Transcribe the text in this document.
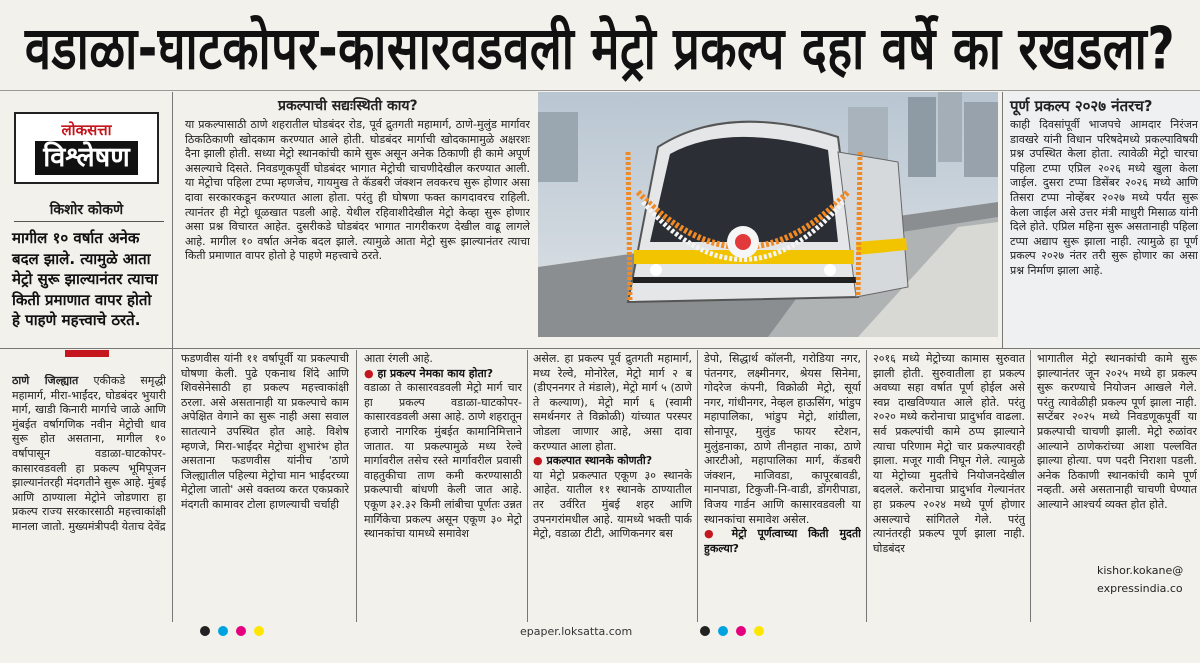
वडाळा-घाटकोपर-कासारवडवली मेट्रो प्रकल्प दहा वर्षे का रखडला?
लोकसत्ता
विश्लेषण
किशोर कोकणे
मागील १० वर्षात अनेक बदल झाले. त्यामुळे आता मेट्रो सुरू झाल्यानंतर त्याचा किती प्रमाणात वापर होतो हे पाहणे महत्त्वाचे ठरते.
प्रकल्पाची सद्यःस्थिती काय?
या प्रकल्पासाठी ठाणे शहरातील घोडबंदर रोड, पूर्व द्रुतगती महामार्ग, ठाणे-मुलुंड मार्गावर ठिकठिकाणी खोदकाम करण्यात आले होती. घोडबंदर मार्गाची खोदकामामुळे अक्षरशः दैना झाली होती. सध्या मेट्रो स्थानकांची कामे सुरू असून अनेक ठिकाणी ही कामे अपूर्ण असल्याचे दिसते. निवडणूकपूर्वी घोडबंदर भागात मेट्रोची चाचणीदेखील करण्यात आली. या मेट्रोचा पहिला टप्पा म्हणजेच, गायमुख ते कॅडबरी जंक्शन लवकरच सुरू होणार असा दावा सरकारकडून करण्यात आला होता. परंतु ही घोषणा फक्त कागदावरच राहिली. त्यानंतर ही मेट्रो धूळखात पडली आहे. येथील रहिवाशीदेखील मेट्रो केव्हा सुरू होणार असा प्रश्न विचारत आहेत. दुसरीकडे घोडबंदर भागात नागरीकरण देखील वाढू लागले आहे. मागील १० वर्षात अनेक बदल झाले. त्यामुळे आता मेट्रो सुरू झाल्यानंतर त्याचा किती प्रमाणात वापर होतो हे पाहणे महत्त्वाचे ठरते.
पूर्ण प्रकल्प २०२७ नंतरच?
काही दिवसांपूर्वी भाजपचे आमदार निरंजन डावखरे यांनी विधान परिषदेमध्ये प्रकल्पाविषयी प्रश्न उपस्थित केला होता. त्यावेळी मेट्रो चारचा पहिला टप्पा एप्रिल २०२६ मध्ये खुला केला जाईल. दुसरा टप्पा डिसेंबर २०२६ मध्ये आणि तिसरा टप्पा नोव्हेंबर २०२७ मध्ये पर्यंत सुरू केला जाईल असे उत्तर मंत्री माधुरी मिसाळ यांनी दिले होते. एप्रिल महिना सुरू असतानाही पहिला टप्पा अद्याप सुरू झाला नाही. त्यामुळे हा पूर्ण प्रकल्प २०२७ नंतर तरी सुरू होणार का असा प्रश्न निर्माण झाला आहे.
ठाणे जिल्ह्यात एकीकडे समृद्धी महामार्ग, मीरा-भाईंदर, घोडबंदर भुयारी मार्ग, खाडी किनारी मार्गाचे जाळे आणि मुंबईत वर्षागणिक नवीन मेट्रोची धाव सुरू होत असताना, मागील १० वर्षापासून वडाळा-घाटकोपर-कासारवडवली हा प्रकल्प भूमिपूजन झाल्यानंतरही मंदगतीने सुरू आहे. मुंबई आणि ठाण्याला मेट्रोने जोडणारा हा प्रकल्प राज्य सरकारसाठी महत्त्वाकांक्षी मानला जातो. मुख्यमंत्रीपदी येताच देवेंद्र
फडणवीस यांनी ११ वर्षापूर्वी या प्रकल्पाची घोषणा केली. पुढे एकनाथ शिंदे आणि शिवसेनेसाठी हा प्रकल्प महत्त्वाकांक्षी ठरला. असे असतानाही या प्रकल्पाचे काम अपेक्षित वेगाने का सुरू नाही असा सवाल सातत्याने उपस्थित होत आहे. विशेष म्हणजे, मिरा-भाईंदर मेट्रोचा शुभारंभ होत असताना फडणवीस यांनीच 'ठाणे जिल्ह्यातील पहिल्या मेट्रोचा मान भाईंदरच्या मेट्रोला जातो' असे वक्तव्य करत एकप्रकारे मंदगती कामावर टोला हाणल्याची चर्चाही
आता रंगली आहे.
● हा प्रकल्प नेमका काय होता?
वडाळा ते कासारवडवली मेट्रो मार्ग चार हा प्रकल्प वडाळा-घाटकोपर-कासारवडवली असा आहे. ठाणे शहरातून हजारो नागरिक मुंबईत कामानिमित्ताने जातात. या प्रकल्पामुळे मध्य रेल्वे मार्गावरील तसेच रस्ते मार्गावरील प्रवासी वाहतुकीचा ताण कमी करण्यासाठी प्रकल्पाची बांधणी केली जात आहे. एकूण ३२.३२ किमी लांबीचा पूर्णतः उन्नत मार्गिकेचा प्रकल्प असून एकूण ३० मेट्रो स्थानकांचा यामध्ये समावेश
असेल. हा प्रकल्प पूर्व द्रुतगती महामार्ग, मध्य रेल्वे, मोनोरेल, मेट्रो मार्ग २ ब (डीएननगर ते मंडाले), मेट्रो मार्ग ५ (ठाणे ते कल्याण), मेट्रो मार्ग ६ (स्वामी समर्थनगर ते विक्रोळी) यांच्यात परस्पर जोडला जाणार आहे, असा दावा करण्यात आला होता.
● प्रकल्पात स्थानके कोणती?
या मेट्रो प्रकल्पात एकूण ३० स्थानके आहेत. यातील ११ स्थानके ठाण्यातील तर उर्वरित मुंबई शहर आणि उपनगरांमधील आहे. यामध्ये भक्ती पार्क मेट्रो, वडाळा टीटी, आणिकनगर बस
डेपो, सिद्धार्थ कॉलनी, गरोडिया नगर, पंतनगर, लक्ष्मीनगर, श्रेयस सिनेमा, गोदरेज कंपनी, विक्रोळी मेट्रो, सूर्या नगर, गांधीनगर, नेव्हल हाऊसिंग, भांडुप महापालिका, भांडुप मेट्रो, शांग्रीला, सोनापूर, मुलुंड फायर स्टेशन, मुलुंडनाका, ठाणे तीनहात नाका, ठाणे आरटीओ, महापालिका मार्ग, कॅडबरी जंक्शन, माजिवडा, कापूरबावडी, मानपाडा, टिकुजी-नि-वाडी, डोंगरीपाडा, विजय गार्डन आणि कासारवडवली या स्थानकांचा समावेश असेल.
● मेट्रो पूर्णत्वाच्या किती मुदती हुकल्या?
२०१६ मध्ये मेट्रोच्या कामास सुरुवात झाली होती. सुरुवातीला हा प्रकल्प अवघ्या सहा वर्षात पूर्ण होईल असे स्वप्न दाखविण्यात आले होते. परंतु २०२० मध्ये करोनाचा प्रादुर्भाव वाढला. सर्व प्रकल्पांची कामे ठप्प झाल्याने त्याचा परिणाम मेट्रो चार प्रकल्पावरही झाला. मजूर गावी निघून गेले. त्यामुळे या मेट्रोच्या मुदतीचे नियोजनदेखील बदलले. करोनाचा प्रादुर्भाव गेल्यानंतर हा प्रकल्प २०२४ मध्ये पूर्ण होणार असल्याचे सांगितले गेले. परंतु त्यानंतरही प्रकल्प पूर्ण झाला नाही. घोडबंदर
भागातील मेट्रो स्थानकांची कामे सुरू झाल्यानंतर जून २०२५ मध्ये हा प्रकल्प सुरू करण्याचे नियोजन आखले गेले. परंतु त्यावेळीही प्रकल्प पूर्ण झाला नाही. सप्टेंबर २०२५ मध्ये निवडणूकपूर्वी या प्रकल्पाची चाचणी झाली. मेट्रो रुळांवर आल्याने ठाणेकरांच्या आशा पल्लवित झाल्या होत्या. पण पदरी निराशा पडली. अनेक ठिकाणी स्थानकांची कामे पूर्ण नव्हती. असे असतानाही चाचणी घेण्यात आल्याने आश्चर्य व्यक्त होत होते.
kishor.kokane@
expressindia.co
epaper.loksatta.com
